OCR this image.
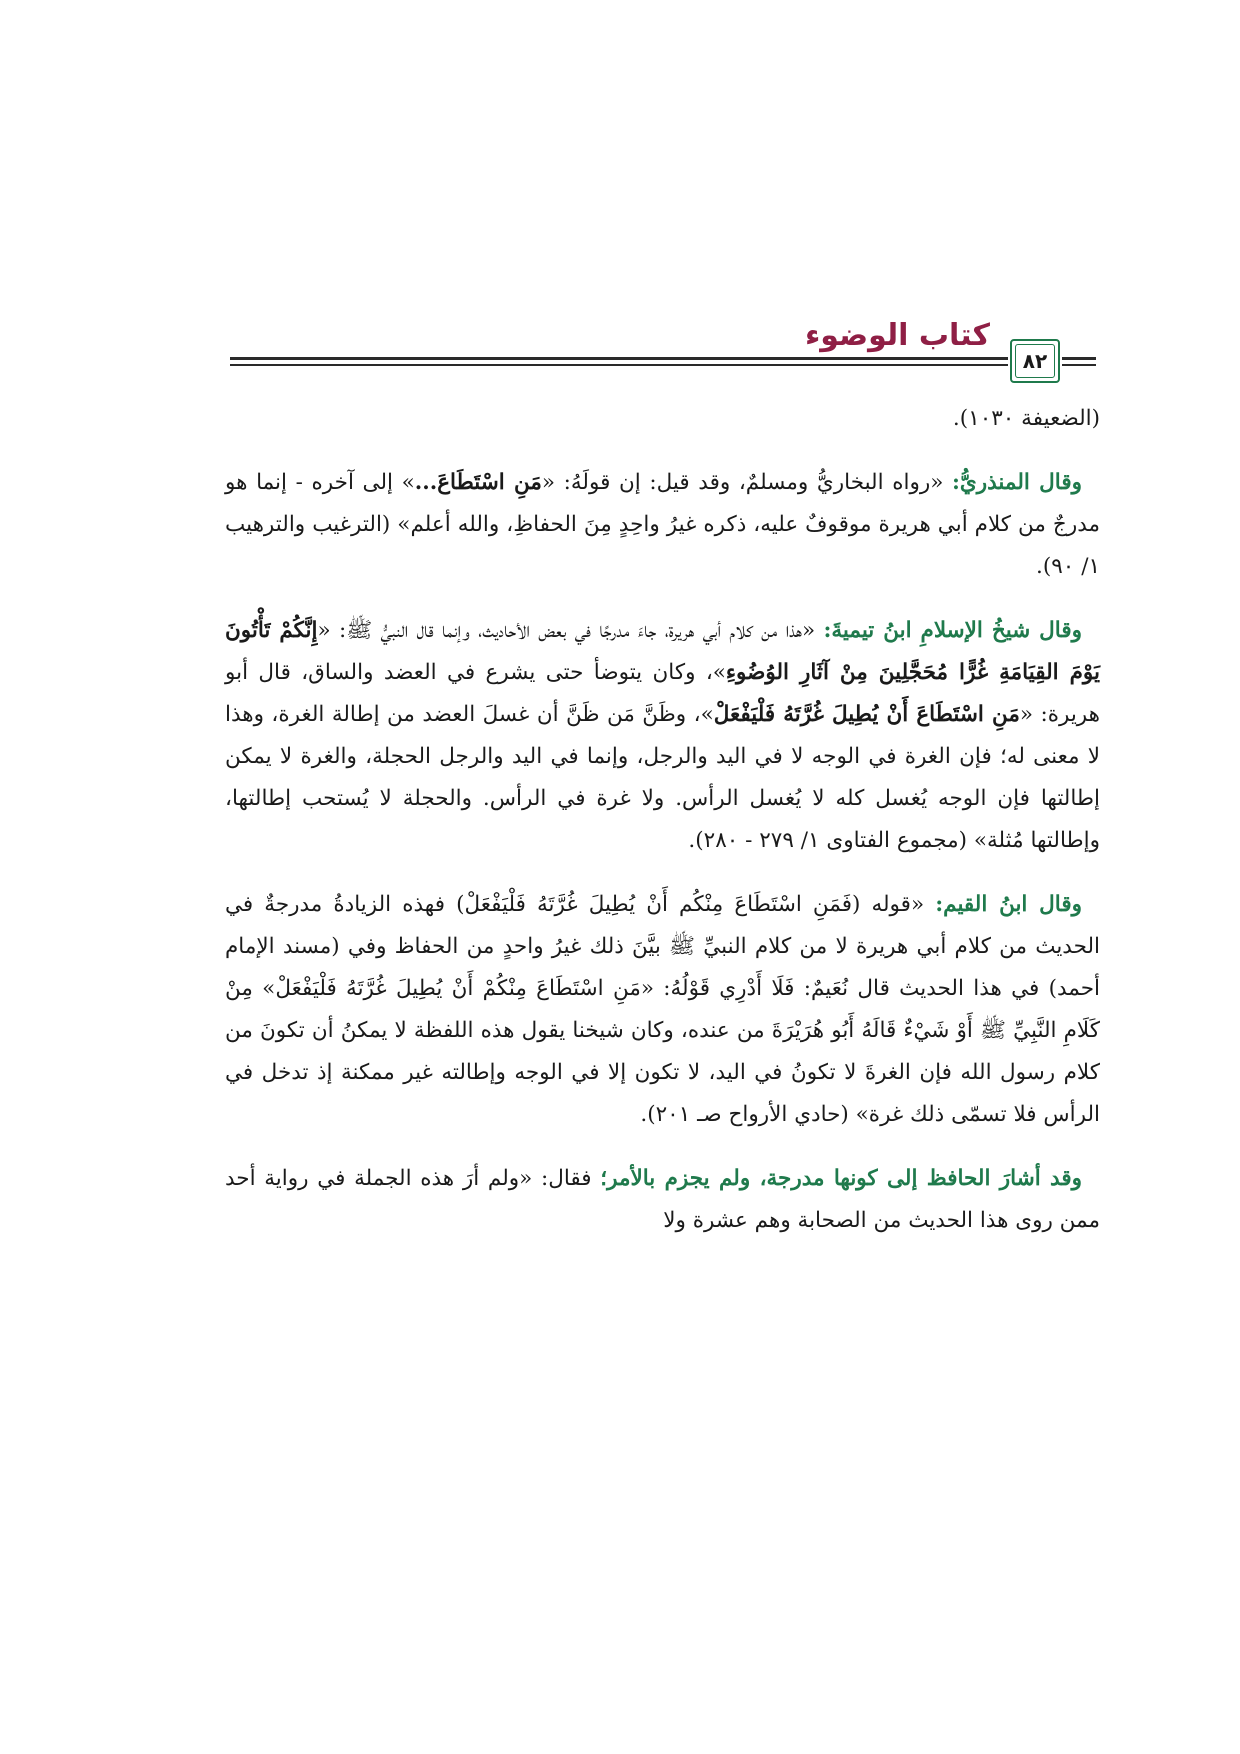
كتاب الوضوء
٨٢

(الضعيفة ١٠٣٠).

وقال المنذريُّ: «رواه البخاريُّ ومسلمٌ، وقد قيل: إن قولَهُ: «مَنِ اسْتَطَاعَ...» إلى آخره - إنما هو مدرجٌ من كلام أبي هريرة موقوفٌ عليه، ذكره غيرُ واحِدٍ مِنَ الحفاظِ، والله أعلم» (الترغيب والترهيب ١/ ٩٠).

وقال شيخُ الإسلامِ ابنُ تيميةَ: «هذا من كلام أبي هريرة، جاءَ مدرجًا في بعض الأحاديث، وإنما قال النبيُّ ﷺ: «إِنَّكُمْ تَأْتُونَ يَوْمَ القِيَامَةِ غُرًّا مُحَجَّلِينَ مِنْ آثَارِ الوُضُوءِ»، وكان يتوضأ حتى يشرع في العضد والساق، قال أبو هريرة: «مَنِ اسْتَطَاعَ أَنْ يُطِيلَ غُرَّتَهُ فَلْيَفْعَلْ»، وظَنَّ مَن ظَنَّ أن غسلَ العضد من إطالة الغرة، وهذا لا معنى له؛ فإن الغرة في الوجه لا في اليد والرجل، وإنما في اليد والرجل الحجلة، والغرة لا يمكن إطالتها فإن الوجه يُغسل كله لا يُغسل الرأس. ولا غرة في الرأس. والحجلة لا يُستحب إطالتها، وإطالتها مُثلة» (مجموع الفتاوى ١/ ٢٧٩ - ٢٨٠).

وقال ابنُ القيم: «قوله (فَمَنِ اسْتَطَاعَ مِنْكُم أَنْ يُطِيلَ غُرَّتَهُ فَلْيَفْعَلْ) فهذه الزيادةُ مدرجةٌ في الحديث من كلام أبي هريرة لا من كلام النبيِّ ﷺ بيَّنَ ذلك غيرُ واحدٍ من الحفاظ وفي (مسند الإمام أحمد) في هذا الحديث قال نُعَيمٌ: فَلَا أَدْرِي قَوْلُهُ: «مَنِ اسْتَطَاعَ مِنْكُمْ أَنْ يُطِيلَ غُرَّتَهُ فَلْيَفْعَلْ» مِنْ كَلَامِ النَّبِيِّ ﷺ أَوْ شَيْءٌ قَالَهُ أَبُو هُرَيْرَةَ من عنده، وكان شيخنا يقول هذه اللفظة لا يمكنُ أن تكونَ من كلام رسول الله فإن الغرةَ لا تكونُ في اليد، لا تكون إلا في الوجه وإطالته غير ممكنة إذ تدخل في الرأس فلا تسمّى ذلك غرة» (حادي الأرواح صـ ٢٠١).

وقد أشارَ الحافظ إلى كونها مدرجة، ولم يجزم بالأمر؛ فقال: «ولم أرَ هذه الجملة في رواية أحد ممن روى هذا الحديث من الصحابة وهم عشرة ولا
